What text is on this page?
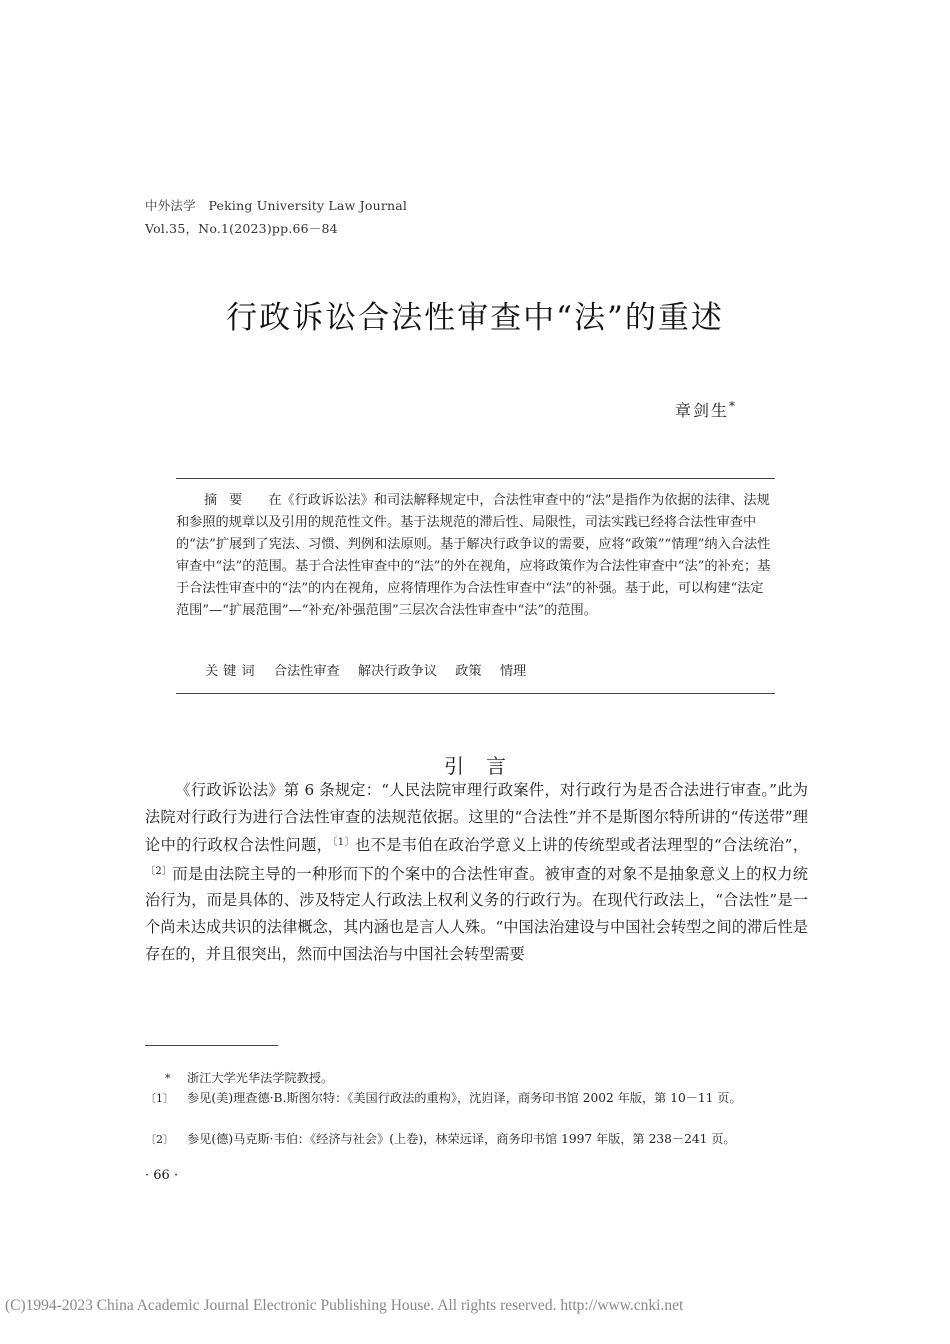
中外法学　Peking University Law Journal
Vol.35，No.1(2023)pp.66－84
行政诉讼合法性审查中“法”的重述
章剑生*
摘要 在《行政诉讼法》和司法解释规定中，合法性审查中的“法”是指作为依据的法律、法规和参照的规章以及引用的规范性文件。基于法规范的滞后性、局限性，司法实践已经将合法性审查中的“法”扩展到了宪法、习惯、判例和法原则。基于解决行政争议的需要，应将“政策”“情理”纳入合法性审查中“法”的范围。基于合法性审查中的“法”的外在视角，应将政策作为合法性审查中“法”的补充；基于合法性审查中的“法”的内在视角，应将情理作为合法性审查中“法”的补强。基于此，可以构建“法定范围”—“扩展范围”—“补充/补强范围”三层次合法性审查中“法”的范围。
关键词 合法性审查 解决行政争议 政策 情理
引言
《行政诉讼法》第 6 条规定：“人民法院审理行政案件，对行政行为是否合法进行审查。”此为法院对行政行为进行合法性审查的法规范依据。这里的“合法性”并不是斯图尔特所讲的“传送带”理论中的行政权合法性问题，$^{〔1〕}$也不是韦伯在政治学意义上讲的传统型或者法理型的“合法统治”，$^{〔2〕}$而是由法院主导的一种形而下的个案中的合法性审查。被审查的对象不是抽象意义上的权力统治行为，而是具体的、涉及特定人行政法上权利义务的行政行为。在现代行政法上，“合法性”是一个尚未达成共识的法律概念，其内涵也是言人人殊。“中国法治建设与中国社会转型之间的滞后性是存在的，并且很突出，然而中国法治与中国社会转型需要
* 浙江大学光华法学院教授。
〔1〕 参见(美)理查德·B.斯图尔特：《美国行政法的重构》，沈岿译，商务印书馆 2002 年版，第 10－11 页。
〔2〕 参见(德)马克斯·韦伯：《经济与社会》(上卷)，林荣远译，商务印书馆 1997 年版，第 238－241 页。
· 66 ·
(C)1994-2023 China Academic Journal Electronic Publishing House. All rights reserved. http://www.cnki.net
